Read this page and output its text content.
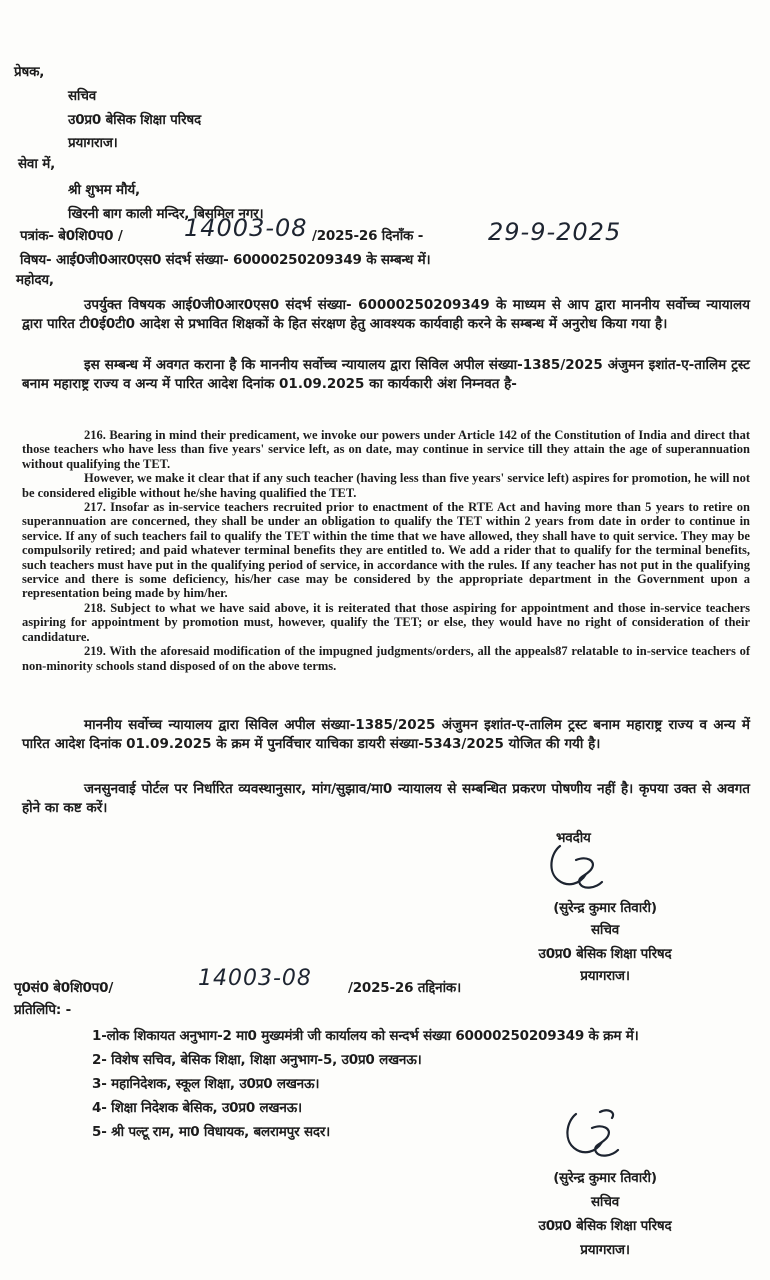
प्रेषक,
सचिव
उ0प्र0 बेसिक शिक्षा परिषद
प्रयागराज।
सेवा में,
श्री शुभम मौर्य,
खिरनी बाग काली मन्दिर, बिसमिल नगर।
पत्रांक- बे0शि0प0 /	14003-08 /2025-26 दिनाँक -	29-9-2025
विषय- आई0जी0आर0एस0 संदर्भ संख्या- 60000250209349 के सम्बन्ध में।
महोदय,
उपर्युक्त विषयक आई0जी0आर0एस0 संदर्भ संख्या- 60000250209349 के माध्यम से आप द्वारा माननीय सर्वोच्च न्यायालय द्वारा पारित टी0ई0टी0 आदेश से प्रभावित शिक्षकों के हित संरक्षण हेतु आवश्यक कार्यवाही करने के सम्बन्ध में अनुरोध किया गया है।
इस सम्बन्ध में अवगत कराना है कि माननीय सर्वोच्च न्यायालय द्वारा सिविल अपील संख्या-1385/2025 अंजुमन इशांत-ए-तालिम ट्रस्ट बनाम महाराष्ट्र राज्य व अन्य में पारित आदेश दिनांक 01.09.2025 का कार्यकारी अंश निम्नवत है-

216. Bearing in mind their predicament, we invoke our powers under Article 142 of the Constitution of India and direct that those teachers who have less than five years' service left, as on date, may continue in service till they attain the age of superannuation without qualifying the TET.

However, we make it clear that if any such teacher (having less than five years' service left) aspires for promotion, he will not be considered eligible without he/she having qualified the TET.

217. Insofar as in-service teachers recruited prior to enactment of the RTE Act and having more than 5 years to retire on superannuation are concerned, they shall be under an obligation to qualify the TET within 2 years from date in order to continue in service. If any of such teachers fail to qualify the TET within the time that we have allowed, they shall have to quit service. They may be compulsorily retired; and paid whatever terminal benefits they are entitled to. We add a rider that to qualify for the terminal benefits, such teachers must have put in the qualifying period of service, in accordance with the rules. If any teacher has not put in the qualifying service and there is some deficiency, his/her case may be considered by the appropriate department in the Government upon a representation being made by him/her.

218. Subject to what we have said above, it is reiterated that those aspiring for appointment and those in-service teachers aspiring for appointment by promotion must, however, qualify the TET; or else, they would have no right of consideration of their candidature.

219. With the aforesaid modification of the impugned judgments/orders, all the appeals87 relatable to in-service teachers of non-minority schools stand disposed of on the above terms.

माननीय सर्वोच्च न्यायालय द्वारा सिविल अपील संख्या-1385/2025 अंजुमन इशांत-ए-तालिम ट्रस्ट बनाम महाराष्ट्र राज्य व अन्य में पारित आदेश दिनांक 01.09.2025 के क्रम में पुनर्विचार याचिका डायरी संख्या-5343/2025 योजित की गयी है।
जनसुनवाई पोर्टल पर निर्धारित व्यवस्थानुसार, मांग/सुझाव/मा0 न्यायालय से सम्बन्धित प्रकरण पोषणीय नहीं है। कृपया उक्त से अवगत होने का कष्ट करें।
भवदीय
(सुरेन्द्र कुमार तिवारी)
सचिव
उ0प्र0 बेसिक शिक्षा परिषद
प्रयागराज।
पृ0सं0 बे0शि0प0/	14003-08	/2025-26 तद्दिनांक।
प्रतिलिपि: -
1-लोक शिकायत अनुभाग-2 मा0 मुख्यमंत्री जी कार्यालय को सन्दर्भ संख्या 60000250209349 के क्रम में।
2- विशेष सचिव, बेसिक शिक्षा, शिक्षा अनुभाग-5, उ0प्र0 लखनऊ।
3- महानिदेशक, स्कूल शिक्षा, उ0प्र0 लखनऊ।
4- शिक्षा निदेशक बेसिक, उ0प्र0 लखनऊ।
5- श्री पल्टू राम, मा0 विधायक, बलरामपुर सदर।
(सुरेन्द्र कुमार तिवारी)
सचिव
उ0प्र0 बेसिक शिक्षा परिषद
प्रयागराज।
